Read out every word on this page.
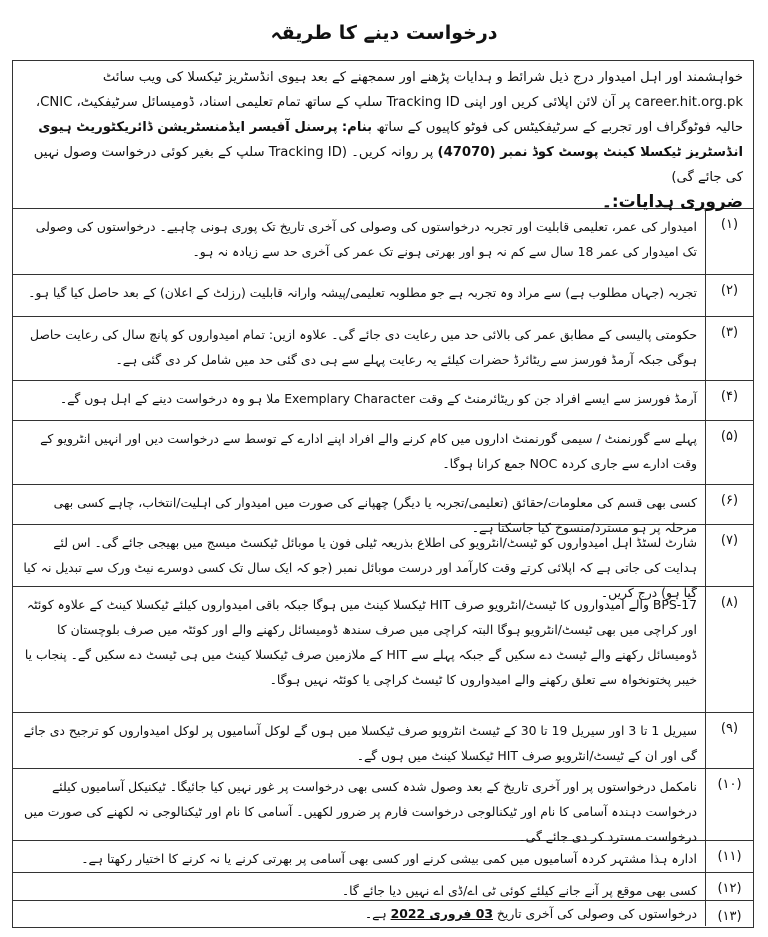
درخواست دینے کا طریقہ
خواہشمند اور اہل امیدوار درج ذیل شرائط و ہدایات پڑھنے اور سمجھنے کے بعد ہیوی انڈسٹریز ٹیکسلا کی ویب سائٹ career.hit.org.pk پر آن لائن اپلائی کریں اور اپنی Tracking ID سلپ کے ساتھ تمام تعلیمی اسناد، ڈومیسائل سرٹیفکیٹ، CNIC، حالیہ فوٹوگراف اور تجربے کے سرٹیفکیٹس کی فوٹو کاپیوں کے ساتھ بنام: پرسنل آفیسر ایڈمنسٹریشن ڈائریکٹوریٹ ہیوی انڈسٹریز ٹیکسلا کینٹ پوسٹ کوڈ نمبر (47070) پر روانہ کریں۔ (Tracking ID سلپ کے بغیر کوئی درخواست وصول نہیں کی جائے گی)
ضروری ہدایات:۔
(۱)
امیدوار کی عمر، تعلیمی قابلیت اور تجربہ درخواستوں کی وصولی کی آخری تاریخ تک پوری ہونی چاہیے۔ درخواستوں کی وصولی تک امیدوار کی عمر 18 سال سے کم نہ ہو اور بھرتی ہونے تک عمر کی آخری حد سے زیادہ نہ ہو۔
(۲)
تجربہ (جہاں مطلوب ہے) سے مراد وہ تجربہ ہے جو مطلوبہ تعلیمی/پیشہ وارانہ قابلیت (رزلٹ کے اعلان) کے بعد حاصل کیا گیا ہو۔
(۳)
حکومتی پالیسی کے مطابق عمر کی بالائی حد میں رعایت دی جائے گی۔ علاوہ ازیں: تمام امیدواروں کو پانچ سال کی رعایت حاصل ہوگی جبکہ آرمڈ فورسز سے ریٹائرڈ حضرات کیلئے یہ رعایت پہلے سے ہی دی گئی حد میں شامل کر دی گئی ہے۔
(۴)
آرمڈ فورسز سے ایسے افراد جن کو ریٹائرمنٹ کے وقت Exemplary Character ملا ہو وہ درخواست دینے کے اہل ہوں گے۔
(۵)
پہلے سے گورنمنٹ / سیمی گورنمنٹ اداروں میں کام کرنے والے افراد اپنے ادارے کے توسط سے درخواست دیں اور انہیں انٹرویو کے وقت ادارے سے جاری کردہ NOC جمع کرانا ہوگا۔
(۶)
کسی بھی قسم کی معلومات/حقائق (تعلیمی/تجربہ یا دیگر) چھپانے کی صورت میں امیدوار کی اہلیت/انتخاب، چاہے کسی بھی مرحلہ پر ہو مسترد/منسوخ کیا جاسکتا ہے۔
(۷)
شارٹ لسٹڈ اہل امیدواروں کو ٹیسٹ/انٹرویو کی اطلاع بذریعہ ٹیلی فون یا موبائل ٹیکسٹ میسج میں بھیجی جائے گی۔ اس لئے ہدایت کی جاتی ہے کہ اپلائی کرتے وقت کارآمد اور درست موبائل نمبر (جو کہ ایک سال تک کسی دوسرے نیٹ ورک سے تبدیل نہ کیا گیا ہو) درج کریں۔
(۸)
BPS-17 والے امیدواروں کا ٹیسٹ/انٹرویو صرف HIT ٹیکسلا کینٹ میں ہوگا جبکہ باقی امیدواروں کیلئے ٹیکسلا کینٹ کے علاوہ کوئٹہ اور کراچی میں بھی ٹیسٹ/انٹرویو ہوگا البتہ کراچی میں صرف سندھ ڈومیسائل رکھنے والے اور کوئٹہ میں صرف بلوچستان کا ڈومیسائل رکھنے والے ٹیسٹ دے سکیں گے جبکہ پہلے سے HIT کے ملازمین صرف ٹیکسلا کینٹ میں ہی ٹیسٹ دے سکیں گے۔ پنجاب یا خیبر پختونخواہ سے تعلق رکھنے والے امیدواروں کا ٹیسٹ کراچی یا کوئٹہ نہیں ہوگا۔
(۹)
سیریل 1 تا 3 اور سیریل 19 تا 30 کے ٹیسٹ انٹرویو صرف ٹیکسلا میں ہوں گے لوکل آسامیوں پر لوکل امیدواروں کو ترجیح دی جائے گی اور ان کے ٹیسٹ/انٹرویو صرف HIT ٹیکسلا کینٹ میں ہوں گے۔
(۱۰)
نامکمل درخواستوں پر اور آخری تاریخ کے بعد وصول شدہ کسی بھی درخواست پر غور نہیں کیا جائیگا۔ ٹیکنیکل آسامیوں کیلئے درخواست دہندہ آسامی کا نام اور ٹیکنالوجی درخواست فارم پر ضرور لکھیں۔ آسامی کا نام اور ٹیکنالوجی نہ لکھنے کی صورت میں درخواست مسترد کر دی جائے گی۔
(۱۱)
ادارہ ہذا مشتہر کردہ آسامیوں میں کمی بیشی کرنے اور کسی بھی آسامی پر بھرتی کرنے یا نہ کرنے کا اختیار رکھتا ہے۔
(۱۲)
کسی بھی موقع پر آنے جانے کیلئے کوئی ٹی اے/ڈی اے نہیں دیا جائے گا۔
(۱۳)
درخواستوں کی وصولی کی آخری تاریخ 03 فروری 2022 ہے۔
